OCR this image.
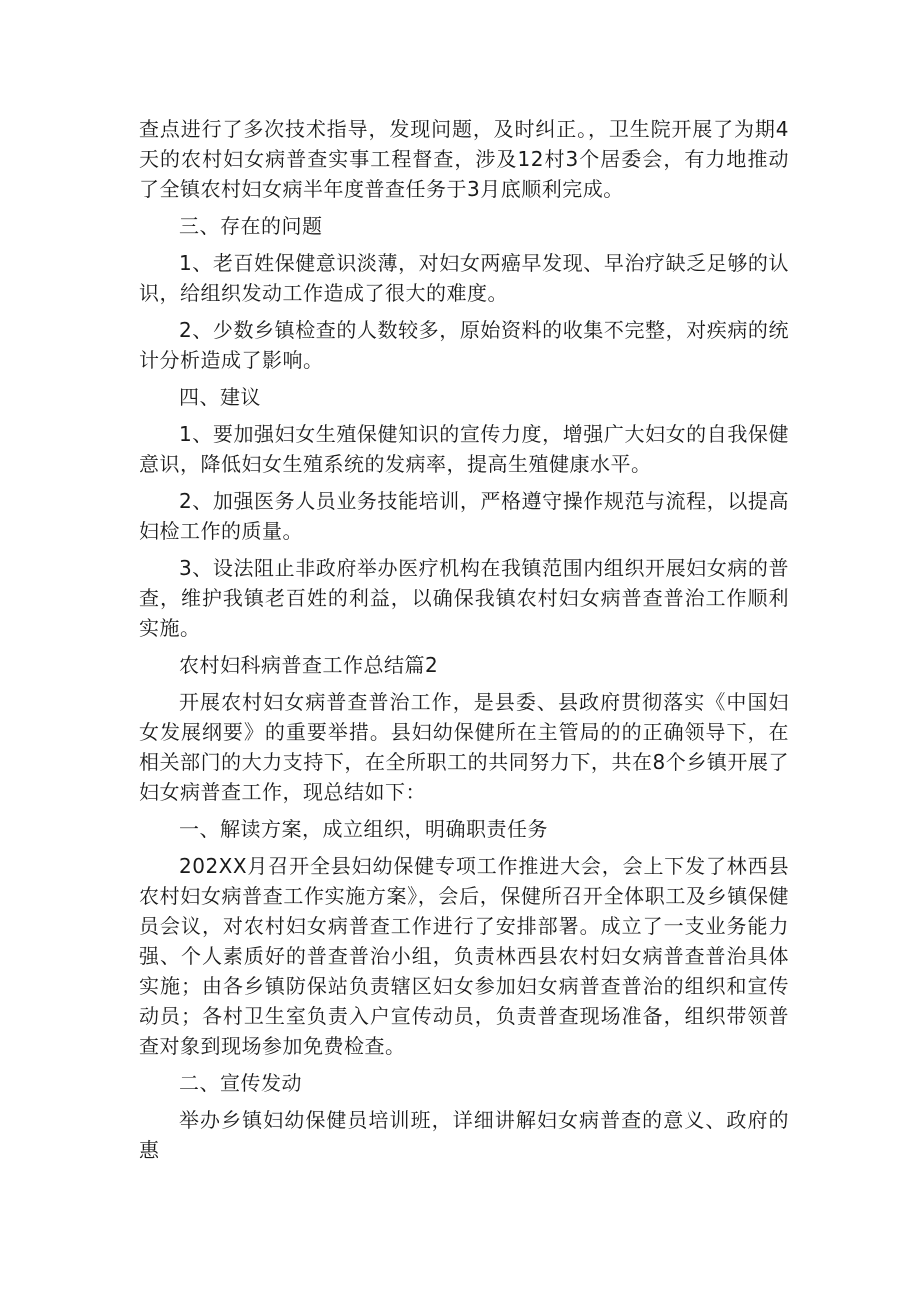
查点进行了多次技术指导，发现问题，及时纠正。，卫生院开展了为期4天的农村妇女病普查实事工程督查，涉及12村3个居委会，有力地推动了全镇农村妇女病半年度普查任务于3月底顺利完成。

三、存在的问题

1、老百姓保健意识淡薄，对妇女两癌早发现、早治疗缺乏足够的认识，给组织发动工作造成了很大的难度。

2、少数乡镇检查的人数较多，原始资料的收集不完整，对疾病的统计分析造成了影响。

四、建议

1、要加强妇女生殖保健知识的宣传力度，增强广大妇女的自我保健意识，降低妇女生殖系统的发病率，提高生殖健康水平。

2、加强医务人员业务技能培训，严格遵守操作规范与流程，以提高妇检工作的质量。

3、设法阻止非政府举办医疗机构在我镇范围内组织开展妇女病的普查，维护我镇老百姓的利益，以确保我镇农村妇女病普查普治工作顺利实施。

农村妇科病普查工作总结篇2

开展农村妇女病普查普治工作，是县委、县政府贯彻落实《中国妇女发展纲要》的重要举措。县妇幼保健所在主管局的的正确领导下，在相关部门的大力支持下，在全所职工的共同努力下，共在8个乡镇开展了妇女病普查工作，现总结如下：

一、解读方案，成立组织，明确职责任务

202XX月召开全县妇幼保健专项工作推进大会，会上下发了林西县农村妇女病普查工作实施方案》，会后，保健所召开全体职工及乡镇保健员会议，对农村妇女病普查工作进行了安排部署。成立了一支业务能力强、个人素质好的普查普治小组，负责林西县农村妇女病普查普治具体实施；由各乡镇防保站负责辖区妇女参加妇女病普查普治的组织和宣传动员；各村卫生室负责入户宣传动员，负责普查现场准备，组织带领普查对象到现场参加免费检查。

二、宣传发动

举办乡镇妇幼保健员培训班，详细讲解妇女病普查的意义、政府的惠
